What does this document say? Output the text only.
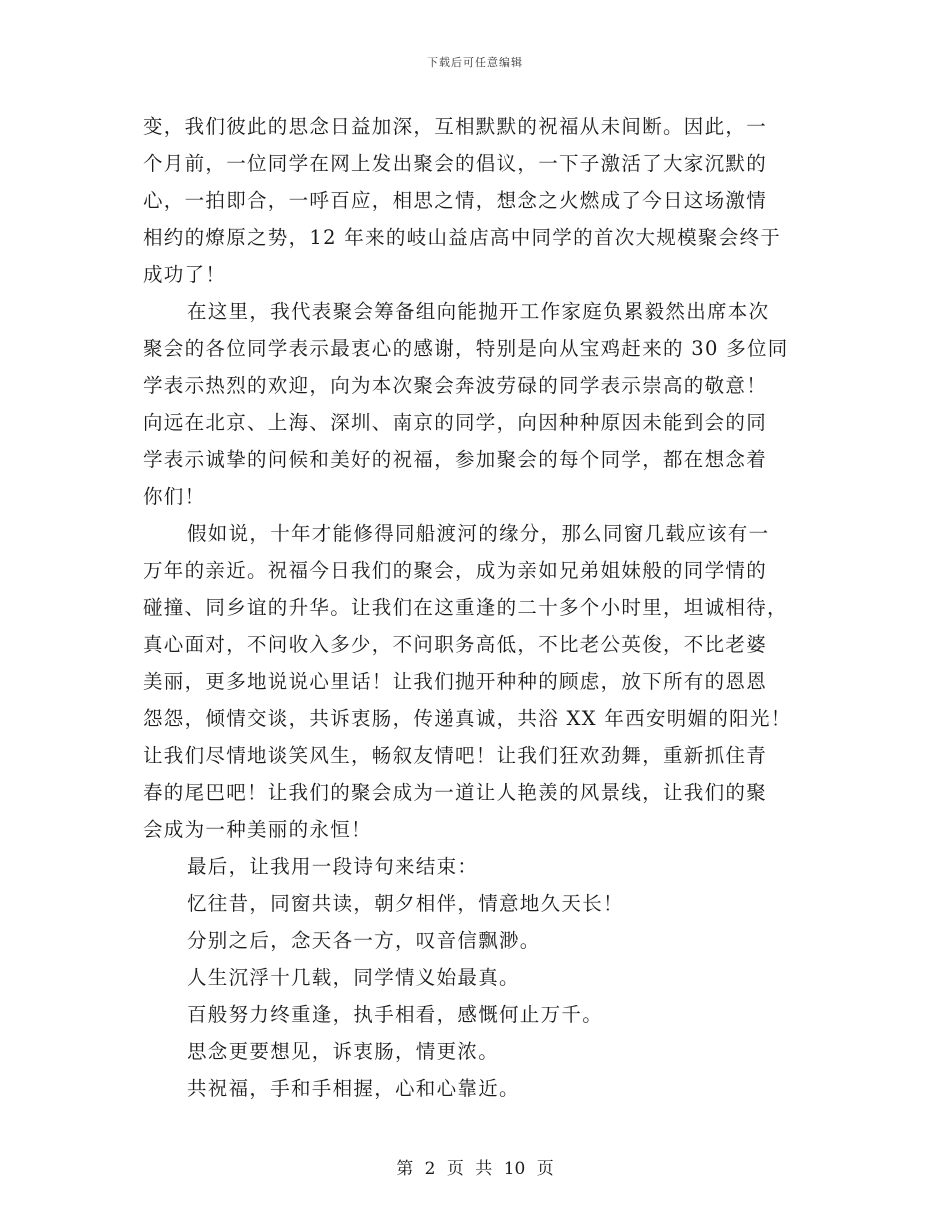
下载后可任意编辑
变，我们彼此的思念日益加深，互相默默的祝福从未间断。因此，一
个月前，一位同学在网上发出聚会的倡议，一下子激活了大家沉默的
心，一拍即合，一呼百应，相思之情，想念之火燃成了今日这场激情
相约的燎原之势，12 年来的岐山益店高中同学的首次大规模聚会终于
成功了！
在这里，我代表聚会筹备组向能抛开工作家庭负累毅然出席本次
聚会的各位同学表示最衷心的感谢，特别是向从宝鸡赶来的 30 多位同
学表示热烈的欢迎，向为本次聚会奔波劳碌的同学表示崇高的敬意！
向远在北京、上海、深圳、南京的同学，向因种种原因未能到会的同
学表示诚挚的问候和美好的祝福，参加聚会的每个同学，都在想念着
你们！
假如说，十年才能修得同船渡河的缘分，那么同窗几载应该有一
万年的亲近。祝福今日我们的聚会，成为亲如兄弟姐妹般的同学情的
碰撞、同乡谊的升华。让我们在这重逢的二十多个小时里，坦诚相待，
真心面对，不问收入多少，不问职务高低，不比老公英俊，不比老婆
美丽，更多地说说心里话！让我们抛开种种的顾虑，放下所有的恩恩
怨怨，倾情交谈，共诉衷肠，传递真诚，共浴 XX 年西安明媚的阳光！
让我们尽情地谈笑风生，畅叙友情吧！让我们狂欢劲舞，重新抓住青
春的尾巴吧！让我们的聚会成为一道让人艳羡的风景线，让我们的聚
会成为一种美丽的永恒！
最后，让我用一段诗句来结束：
忆往昔，同窗共读，朝夕相伴，情意地久天长！
分别之后，念天各一方，叹音信飘渺。
人生沉浮十几载，同学情义始最真。
百般努力终重逢，执手相看，感慨何止万千。
思念更要想见，诉衷肠，情更浓。
共祝福，手和手相握，心和心靠近。
第 2 页 共 10 页
